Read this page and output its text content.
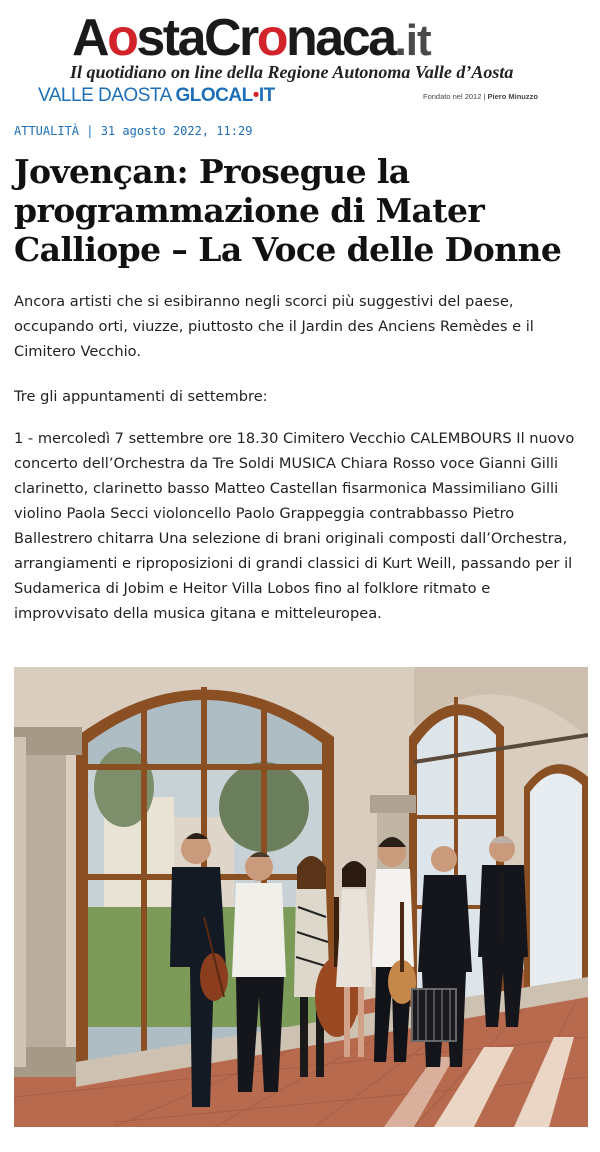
AostaCronaca.it
Il quotidiano on line della Regione Autonoma Valle d’Aosta
VALLE DAOSTA GLOCAL•IT	Fondato nel 2012 | Piero Minuzzo
ATTUALITÀ | 31 agosto 2022, 11:29
Jovençan: Prosegue la programmazione di Mater Calliope – La Voce delle Donne

Ancora artisti che si esibiranno negli scorci più suggestivi del paese, occupando orti, viuzze, piuttosto che il Jardin des Anciens Remèdes e il Cimitero Vecchio.

Tre gli appuntamenti di settembre:

1 - mercoledì 7 settembre ore 18.30 Cimitero Vecchio CALEMBOURS Il nuovo concerto dell’Orchestra da Tre Soldi MUSICA Chiara Rosso voce Gianni Gilli clarinetto, clarinetto basso Matteo Castellan fisarmonica Massimiliano Gilli violino Paola Secci violoncello Paolo Grappeggia contrabbasso Pietro Ballestrero chitarra Una selezione di brani originali composti dall’Orchestra, arrangiamenti e riproposizioni di grandi classici di Kurt Weill, passando per il Sudamerica di Jobim e Heitor Villa Lobos fino al folklore ritmato e improvvisato della musica gitana e mitteleuropea.
